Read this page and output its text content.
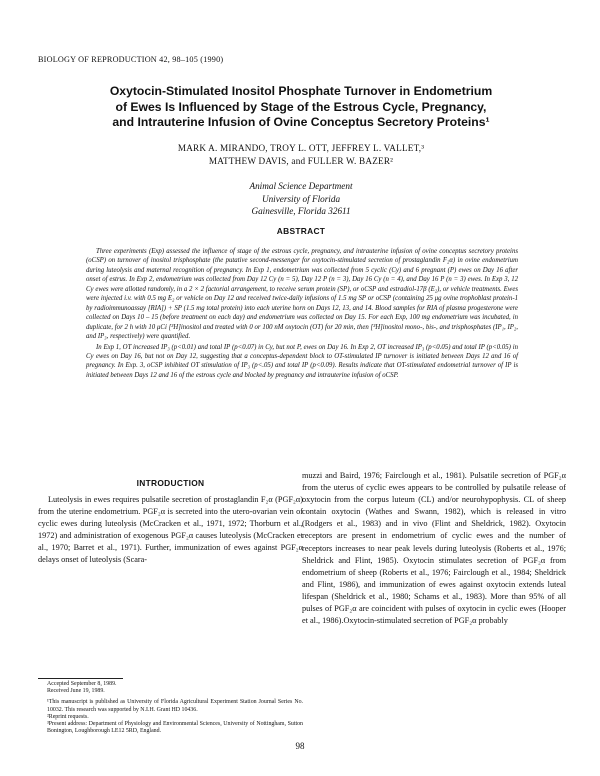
BIOLOGY OF REPRODUCTION 42, 98–105 (1990)
Oxytocin-Stimulated Inositol Phosphate Turnover in Endometrium
of Ewes Is Influenced by Stage of the Estrous Cycle, Pregnancy,
and Intrauterine Infusion of Ovine Conceptus Secretory Proteins¹
MARK A. MIRANDO, TROY L. OTT, JEFFREY L. VALLET,³
MATTHEW DAVIS, and FULLER W. BAZER²
Animal Science Department
University of Florida
Gainesville, Florida 32611
ABSTRACT

Three experiments (Exp) assessed the influence of stage of the estrous cycle, pregnancy, and intrauterine infusion of ovine conceptus secretory proteins (oCSP) on turnover of inositol trisphosphate (the putative second-messenger for oxytocin-stimulated secretion of prostaglandin F₂α) in ovine endometrium during luteolysis and maternal recognition of pregnancy. In Exp 1, endometrium was collected from 5 cyclic (Cy) and 6 pregnant (P) ewes on Day 16 after onset of estrus. In Exp 2, endometrium was collected from Day 12 Cy (n = 5), Day 12 P (n = 3), Day 16 Cy (n = 4), and Day 16 P (n = 3) ewes. In Exp 3, 12 Cy ewes were allotted randomly, in a 2 × 2 factorial arrangement, to receive serum protein (SP), or oCSP and estradiol-17β (E₂), or vehicle treatments. Ewes were injected i.v. with 0.5 mg E₂ or vehicle on Day 12 and received twice-daily infusions of 1.5 mg SP or oCSP (containing 25 μg ovine trophoblast protein-1 by radioimmunoassay [RIA]) + SP (1.5 mg total protein) into each uterine horn on Days 12, 13, and 14. Blood samples for RIA of plasma progesterone were collected on Days 10 – 15 (before treatment on each day) and endometrium was collected on Day 15. For each Exp, 100 mg endometrium was incubated, in duplicate, for 2 h with 10 μCi [³H]inositol and treated with 0 or 100 nM oxytocin (OT) for 20 min, then [³H]inositol mono-, bis-, and trisphosphates (IP₁, IP₂, and IP₃, respectively) were quantified.

In Exp 1, OT increased IP₃ (p<0.01) and total IP (p<0.07) in Cy, but not P, ewes on Day 16. In Exp 2, OT increased IP₃ (p<0.05) and total IP (p<0.05) in Cy ewes on Day 16, but not on Day 12, suggesting that a conceptus-dependent block to OT-stimulated IP turnover is initiated between Days 12 and 16 of pregnancy. In Exp. 3, oCSP inhibited OT stimulation of IP₃ (p<.05) and total IP (p<0.09). Results indicate that OT-stimulated endometrial turnover of IP is initiated between Days 12 and 16 of the estrous cycle and blocked by pregnancy and intrauterine infusion of oCSP.

INTRODUCTION

Luteolysis in ewes requires pulsatile secretion of prostaglandin F₂α (PGF₂α) from the uterine endometrium. PGF₂α is secreted into the utero-ovarian vein of cyclic ewes during luteolysis (McCracken et al., 1971, 1972; Thorburn et al., 1972) and administration of exogenous PGF₂α causes luteolysis (McCracken et al., 1970; Barret et al., 1971). Further, immunization of ewes against PGF₂α delays onset of luteolysis (Scara-

muzzi and Baird, 1976; Fairclough et al., 1981). Pulsatile secretion of PGF₂α from the uterus of cyclic ewes appears to be controlled by pulsatile release of oxytocin from the corpus luteum (CL) and/or neurohypophysis. CL of sheep contain oxytocin (Wathes and Swann, 1982), which is released in vitro (Rodgers et al., 1983) and in vivo (Flint and Sheldrick, 1982). Oxytocin receptors are present in endometrium of cyclic ewes and the number of receptors increases to near peak levels during luteolysis (Roberts et al., 1976; Sheldrick and Flint, 1985). Oxytocin stimulates secretion of PGF₂α from endometrium of sheep (Roberts et al., 1976; Fairclough et al., 1984; Sheldrick and Flint, 1986), and immunization of ewes against oxytocin extends luteal lifespan (Sheldrick et al., 1980; Schams et al., 1983). More than 95% of all pulses of PGF₂α are coincident with pulses of oxytocin in cyclic ewes (Hooper et al., 1986).Oxytocin-stimulated secretion of PGF₂α probably

Accepted September 8, 1989.
Received June 19, 1989.
¹This manuscript is published as University of Florida Agricultural Experiment Station Journal Series No. 10032. This research was supported by N.I.H. Grant HD 10436.
²Reprint requests.
³Present address: Department of Physiology and Environmental Sciences, University of Nottingham, Sutton Bonington, Loughborough LE12 5RD, England.
98
